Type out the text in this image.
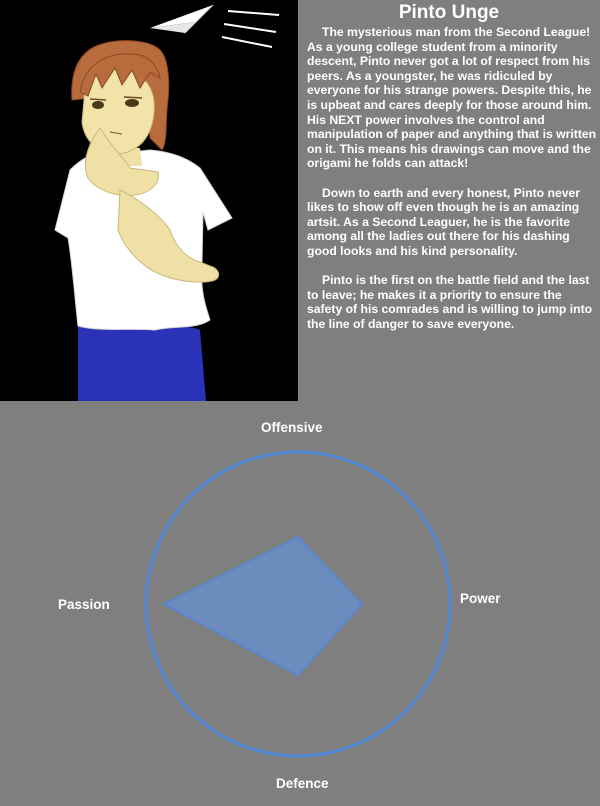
Pinto Unge

The mysterious man from the Second League! As a young college student from a minority descent, Pinto never got a lot of respect from his peers. As a youngster, he was ridiculed by everyone for his strange powers. Despite this, he is upbeat and cares deeply for those around him. His NEXT power involves the control and manipulation of paper and anything that is written on it. This means his drawings can move and the origami he folds can attack!

Down to earth and every honest, Pinto never likes to show off even though he is an amazing artsit. As a Second Leaguer, he is the favorite among all the ladies out there for his dashing good looks and his kind personality.

Pinto is the first on the battle field and the last to leave; he makes it a priority to ensure the safety of his comrades and is willing to jump into the line of danger to save everyone.

Offensive
Power
Defence
Passion
